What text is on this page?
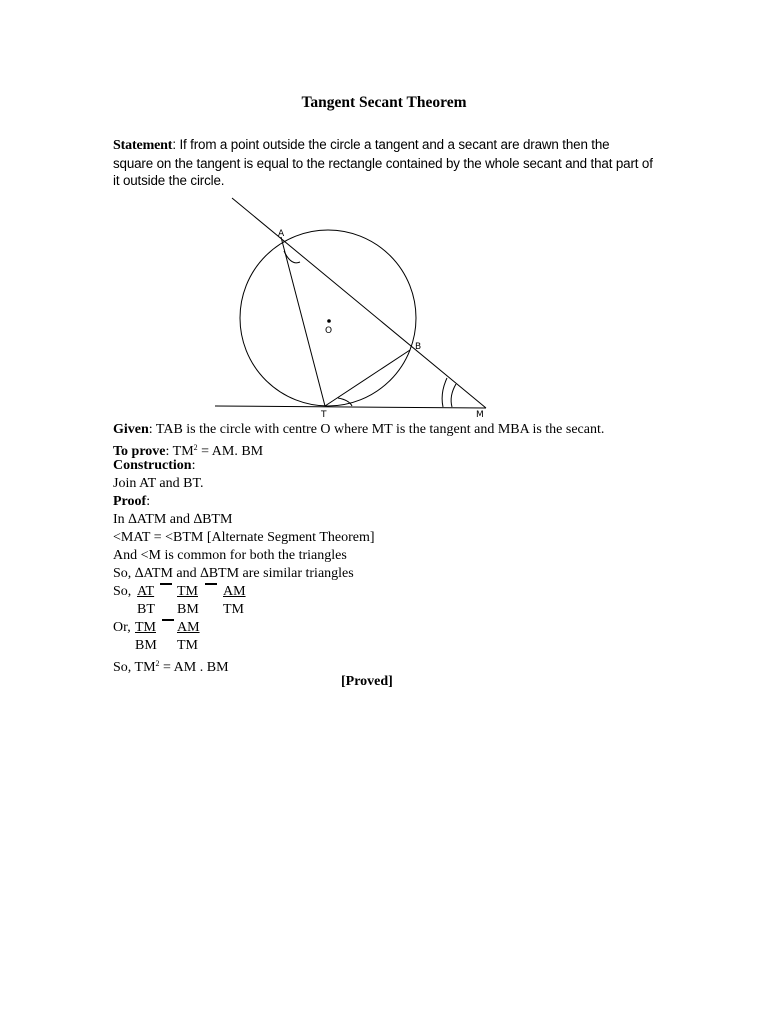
Tangent Secant Theorem
Statement: If from a point outside the circle a tangent and a secant are drawn then the square on the tangent is equal to the rectangle contained by the whole secant and that part of it outside the circle.
A
B
O
T	M
Given: TAB is the circle with centre O where MT is the tangent and MBA is the secant.
To prove: $TM^2$ = AM. BM
Construction:
Join AT and BT.
Proof:
In ∆ATM and ∆BTM
<MAT = <BTM [Alternate Segment Theorem]
And <M is common for both the triangles
So, ∆ATM and ∆BTM are similar triangles
So, AT
BT
TM
BM
AM
TM
Or, TM
BM
AM
TM
So, $TM^2$ = AM . BM
[Proved]
